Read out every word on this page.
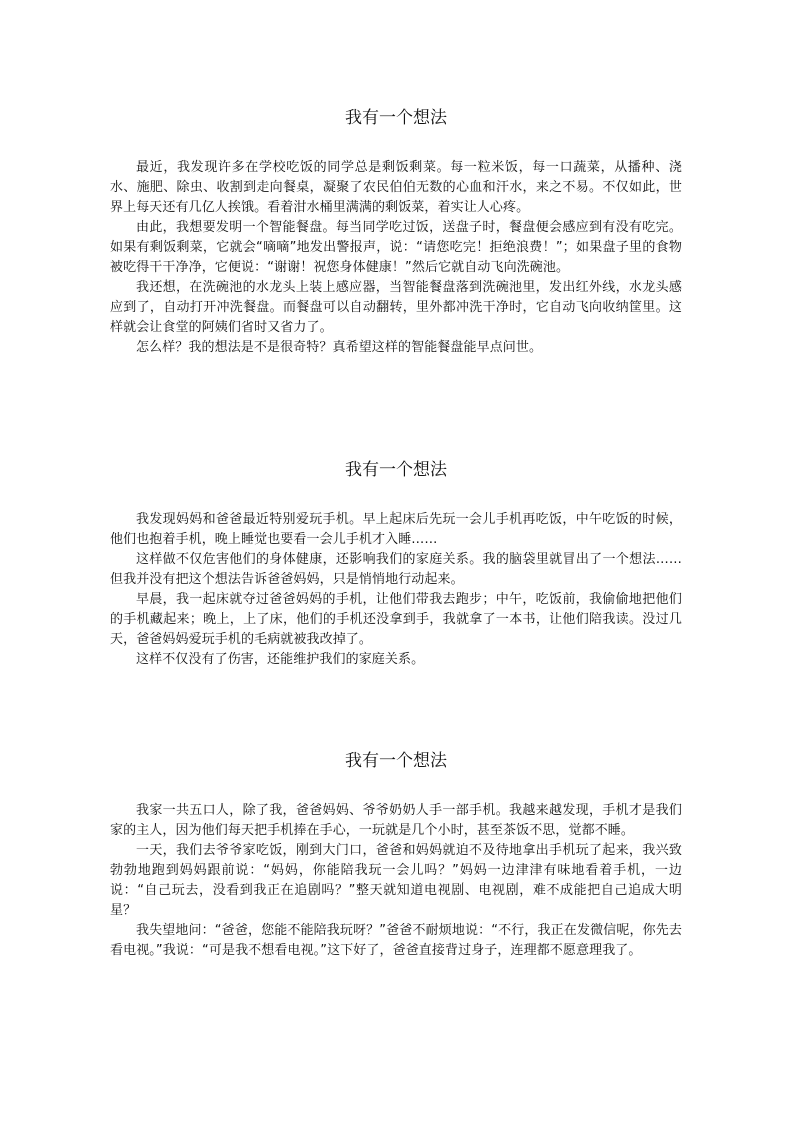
我有一个想法

最近，我发现许多在学校吃饭的同学总是剩饭剩菜。每一粒米饭，每一口蔬菜，从播种、浇水、施肥、除虫、收割到走向餐桌，凝聚了农民伯伯无数的心血和汗水，来之不易。不仅如此，世界上每天还有几亿人挨饿。看着泔水桶里满满的剩饭菜，着实让人心疼。

由此，我想要发明一个智能餐盘。每当同学吃过饭，送盘子时，餐盘便会感应到有没有吃完。如果有剩饭剩菜，它就会“嘀嘀”地发出警报声，说：“请您吃完！拒绝浪费！”；如果盘子里的食物被吃得干干净净，它便说：“谢谢！祝您身体健康！”然后它就自动飞向洗碗池。

我还想，在洗碗池的水龙头上装上感应器，当智能餐盘落到洗碗池里，发出红外线，水龙头感应到了，自动打开冲洗餐盘。而餐盘可以自动翻转，里外都冲洗干净时，它自动飞向收纳筐里。这样就会让食堂的阿姨们省时又省力了。

怎么样？我的想法是不是很奇特？真希望这样的智能餐盘能早点问世。

我有一个想法

我发现妈妈和爸爸最近特别爱玩手机。早上起床后先玩一会儿手机再吃饭，中午吃饭的时候，他们也抱着手机，晚上睡觉也要看一会儿手机才入睡……

这样做不仅危害他们的身体健康，还影响我们的家庭关系。我的脑袋里就冒出了一个想法……但我并没有把这个想法告诉爸爸妈妈，只是悄悄地行动起来。

早晨，我一起床就夺过爸爸妈妈的手机，让他们带我去跑步；中午，吃饭前，我偷偷地把他们的手机藏起来；晚上，上了床，他们的手机还没拿到手，我就拿了一本书，让他们陪我读。没过几天，爸爸妈妈爱玩手机的毛病就被我改掉了。

这样不仅没有了伤害，还能维护我们的家庭关系。

我有一个想法

我家一共五口人，除了我，爸爸妈妈、爷爷奶奶人手一部手机。我越来越发现，手机才是我们家的主人，因为他们每天把手机捧在手心，一玩就是几个小时，甚至茶饭不思，觉都不睡。

一天，我们去爷爷家吃饭，刚到大门口，爸爸和妈妈就迫不及待地拿出手机玩了起来，我兴致勃勃地跑到妈妈跟前说：“妈妈，你能陪我玩一会儿吗？”妈妈一边津津有味地看着手机，一边说：“自己玩去，没看到我正在追剧吗？”整天就知道电视剧、电视剧，难不成能把自己追成大明星？

我失望地问：“爸爸，您能不能陪我玩呀？”爸爸不耐烦地说：“不行，我正在发微信呢，你先去看电视。”我说：“可是我不想看电视。”这下好了，爸爸直接背过身子，连理都不愿意理我了。
